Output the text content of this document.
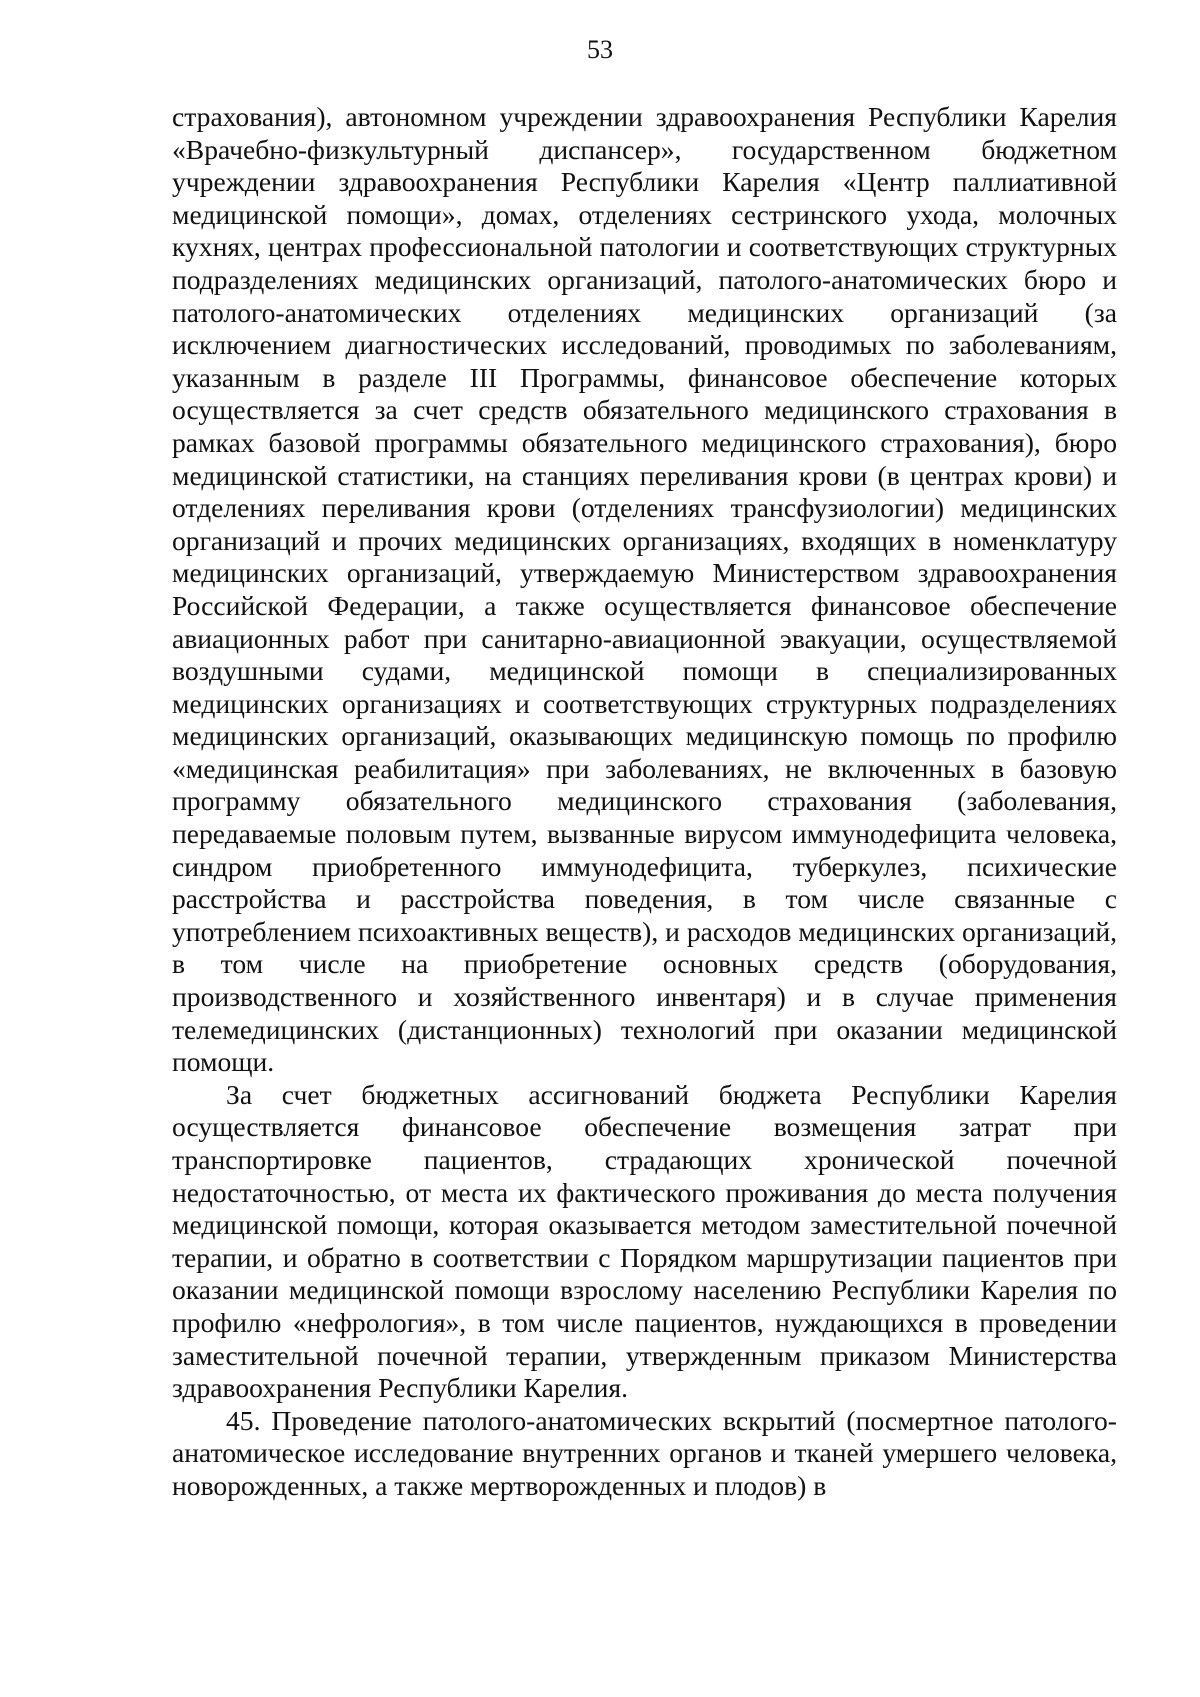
53

страхования), автономном учреждении здравоохранения Республики Карелия «Врачебно-физкультурный диспансер», государственном бюджетном учреждении здравоохранения Республики Карелия «Центр паллиативной медицинской помощи», домах, отделениях сестринского ухода, молочных кухнях, центрах профессиональной патологии и соответствующих структурных подразделениях медицинских организаций, патолого-анатомических бюро и патолого-анатомических отделениях медицинских организаций (за исключением диагностических исследований, проводимых по заболеваниям, указанным в разделе III Программы, финансовое обеспечение которых осуществляется за счет средств обязательного медицинского страхования в рамках базовой программы обязательного медицинского страхования), бюро медицинской статистики, на станциях переливания крови (в центрах крови) и отделениях переливания крови (отделениях трансфузиологии) медицинских организаций и прочих медицинских организациях, входящих в номенклатуру медицинских организаций, утверждаемую Министерством здравоохранения Российской Федерации, а также осуществляется финансовое обеспечение авиационных работ при санитарно-авиационной эвакуации, осуществляемой воздушными судами, медицинской помощи в специализированных медицинских организациях и соответствующих структурных подразделениях медицинских организаций, оказывающих медицинскую помощь по профилю «медицинская реабилитация» при заболеваниях, не включенных в базовую программу обязательного медицинского страхования (заболевания, передаваемые половым путем, вызванные вирусом иммунодефицита человека, синдром приобретенного иммунодефицита, туберкулез, психические расстройства и расстройства поведения, в том числе связанные с употреблением психоактивных веществ), и расходов медицинских организаций, в том числе на приобретение основных средств (оборудования, производственного и хозяйственного инвентаря) и в случае применения телемедицинских (дистанционных) технологий при оказании медицинской помощи.

За счет бюджетных ассигнований бюджета Республики Карелия осуществляется финансовое обеспечение возмещения затрат при транспортировке пациентов, страдающих хронической почечной недостаточностью, от места их фактического проживания до места получения медицинской помощи, которая оказывается методом заместительной почечной терапии, и обратно в соответствии с Порядком маршрутизации пациентов при оказании медицинской помощи взрослому населению Республики Карелия по профилю «нефрология», в том числе пациентов, нуждающихся в проведении заместительной почечной терапии, утвержденным приказом Министерства здравоохранения Республики Карелия.

45. Проведение патолого-анатомических вскрытий (посмертное патолого-анатомическое исследование внутренних органов и тканей умершего человека, новорожденных, а также мертворожденных и плодов) в
